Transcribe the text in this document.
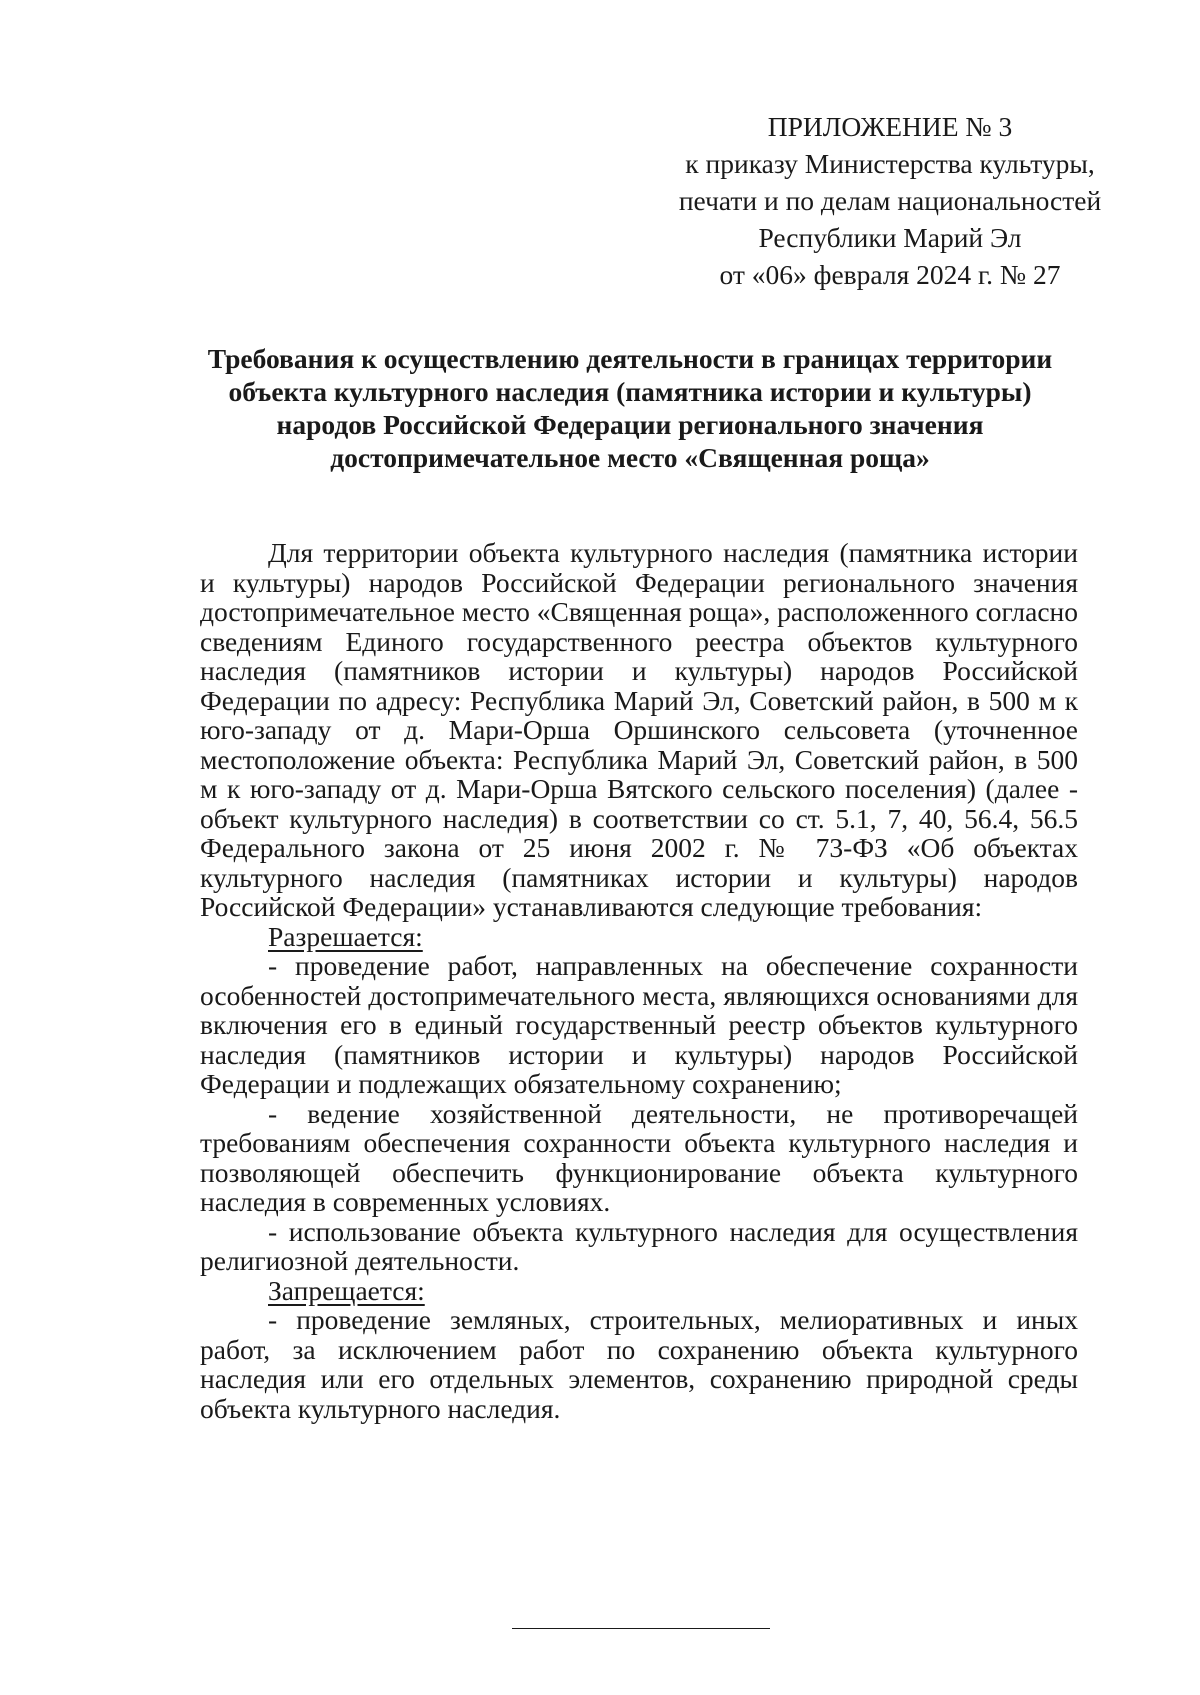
ПРИЛОЖЕНИЕ № 3
к приказу Министерства культуры,
печати и по делам национальностей
Республики Марий Эл
от «06» февраля 2024 г. № 27
Требования к осуществлению деятельности в границах территории
объекта культурного наследия (памятника истории и культуры)
народов Российской Федерации регионального значения
достопримечательное место «Священная роща»

Для территории объекта культурного наследия (памятника истории и культуры) народов Российской Федерации регионального значения достопримечательное место «Священная роща», расположенного согласно сведениям Единого государственного реестра объектов культурного наследия (памятников истории и культуры) народов Российской Федерации по адресу: Республика Марий Эл, Советский район, в 500 м к юго-западу от д. Мари-Орша Оршинского сельсовета (уточненное местоположение объекта: Республика Марий Эл, Советский район, в 500 м к юго-западу от д. Мари-Орша Вятского сельского поселения) (далее - объект культурного наследия) в соответствии со ст. 5.1, 7, 40, 56.4, 56.5 Федерального закона от 25 июня 2002 г. № 73-ФЗ «Об объектах культурного наследия (памятниках истории и культуры) народов Российской Федерации» устанавливаются следующие требования:

Разрешается:

- проведение работ, направленных на обеспечение сохранности особенностей достопримечательного места, являющихся основаниями для включения его в единый государственный реестр объектов культурного наследия (памятников истории и культуры) народов Российской Федерации и подлежащих обязательному сохранению;

- ведение хозяйственной деятельности, не противоречащей требованиям обеспечения сохранности объекта культурного наследия и позволяющей обеспечить функционирование объекта культурного наследия в современных условиях.

- использование объекта культурного наследия для осуществления религиозной деятельности.

Запрещается:

- проведение земляных, строительных, мелиоративных и иных работ, за исключением работ по сохранению объекта культурного наследия или его отдельных элементов, сохранению природной среды объекта культурного наследия.
